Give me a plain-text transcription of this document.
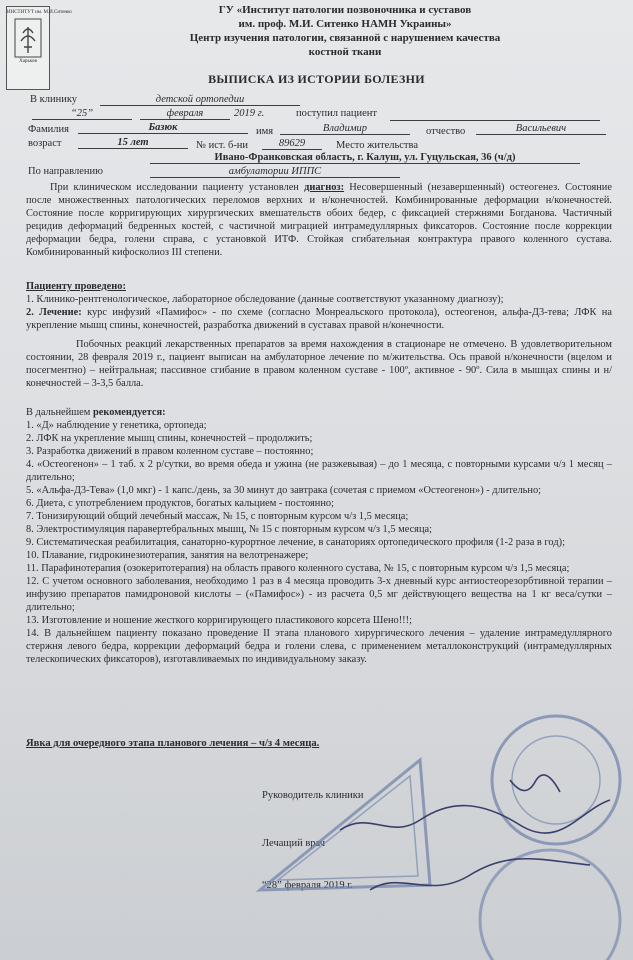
ИНСТИТУТ им. М.И.Ситенко
Харьков
ГУ «Институт патологии позвоночника и суставов
им. проф. М.И. Ситенко НАМН Украины»
Центр изучения патологии, связанной с нарушением качества
костной ткани
ВЫПИСКА ИЗ ИСТОРИИ БОЛЕЗНИ
В клинику	детской ортопедии
“25”	февраля	2019 г.	поступил пациент
Фамилия	Базюк	имя	Владимир	отчество	Васильевич
возраст	15 лет	№ ист. б-ни	89629	Место жительства
Ивано-Франковская область, г. Калуш, ул. Гуцульская, 36 (ч/д)
По направлению	амбулатории ИППС
При клиническом исследовании пациенту установлен диагноз: Несовершенный (незавершенный) остеогенез. Состояние после множественных патологических переломов верхних и н/конечностей. Комбинированные деформации н/конечностей. Состояние после корригирующих хирургических вмешательств обоих бедер, с фиксацией стержнями Богданова. Частичный рецидив деформаций бедренных костей, с частичной миграцией интрамедуллярных фиксаторов. Состояние после коррекции деформации бедра, голени справа, с установкой ИТФ. Стойкая сгибательная контрактура правого коленного сустава. Комбинированный кифосколиоз III степени.
Пациенту проведено:
1. Клинико-рентгенологическое, лабораторное обследование (данные соответствуют указанному диагнозу);
2. Лечение: курс инфузий «Памифос» - по схеме (согласно Монреальского протокола), остеогенон, альфа-Д3-тева; ЛФК на укрепление мышц спины, конечностей, разработка движений в суставах правой н/конечности.
Побочных реакций лекарственных препаратов за время нахождения в стационаре не отмечено. В удовлетворительном состоянии, 28 февраля 2019 г., пациент выписан на амбулаторное лечение по м/жительства. Ось правой н/конечности (вцелом и посегментно) – нейтральная; пассивное сгибание в правом коленном суставе - 100º, активное - 90º. Сила в мышцах спины и н/конечностей – 3-3,5 балла.
В дальнейшем рекомендуется:
1. «Д» наблюдение у генетика, ортопеда;
2. ЛФК на укрепление мышц спины, конечностей – продолжить;
3. Разработка движений в правом коленном суставе – постоянно;
4. «Остеогенон» – 1 таб. х 2 р/сутки, во время обеда и ужина (не разжевывая) – до 1 месяца, с повторными курсами ч/з 1 месяц – длительно;
5. «Альфа-Д3-Тева» (1,0 мкг) - 1 капс./день, за 30 минут до завтрака (сочетая с приемом «Остеогенон») - длительно;
6. Диета, с употреблением продуктов, богатых кальцием - постоянно;
7. Тонизирующий общий лечебный массаж, № 15, с повторным курсом ч/з 1,5 месяца;
8. Электростимуляция паравертебральных мышц, № 15 с повторным курсом ч/з 1,5 месяца;
9. Систематическая реабилитация, санаторно-курортное лечение, в санаториях ортопедического профиля (1-2 раза в год);
10. Плавание, гидрокинезиотерапия, занятия на велотренажере;
11. Парафинотерапия (озокеритотерапия) на область правого коленного сустава, № 15, с повторным курсом ч/з 1,5 месяца;
12. С учетом основного заболевания, необходимо 1 раз в 4 месяца проводить 3-х дневный курс антиостеорезорбтивной терапии – инфузию препаратов памидроновой кислоты – («Памифос») - из расчета 0,5 мг действующего вещества на 1 кг веса/сутки – длительно;
13. Изготовление и ношение жесткого корригирующего пластикового корсета Шено!!!;
14. В дальнейшем пациенту показано проведение II этапа планового хирургического лечения – удаление интрамедуллярного стержня левого бедра, коррекции деформаций бедра и голени слева, с применением металлоконструкций (интрамедуллярных телескопических фиксаторов), изготавливаемых по индивидуальному заказу.
Явка для очередного этапа планового лечения – ч/з 4 месяца.
Руководитель клиники
Лечащий врач
“28” февраля 2019 г.
